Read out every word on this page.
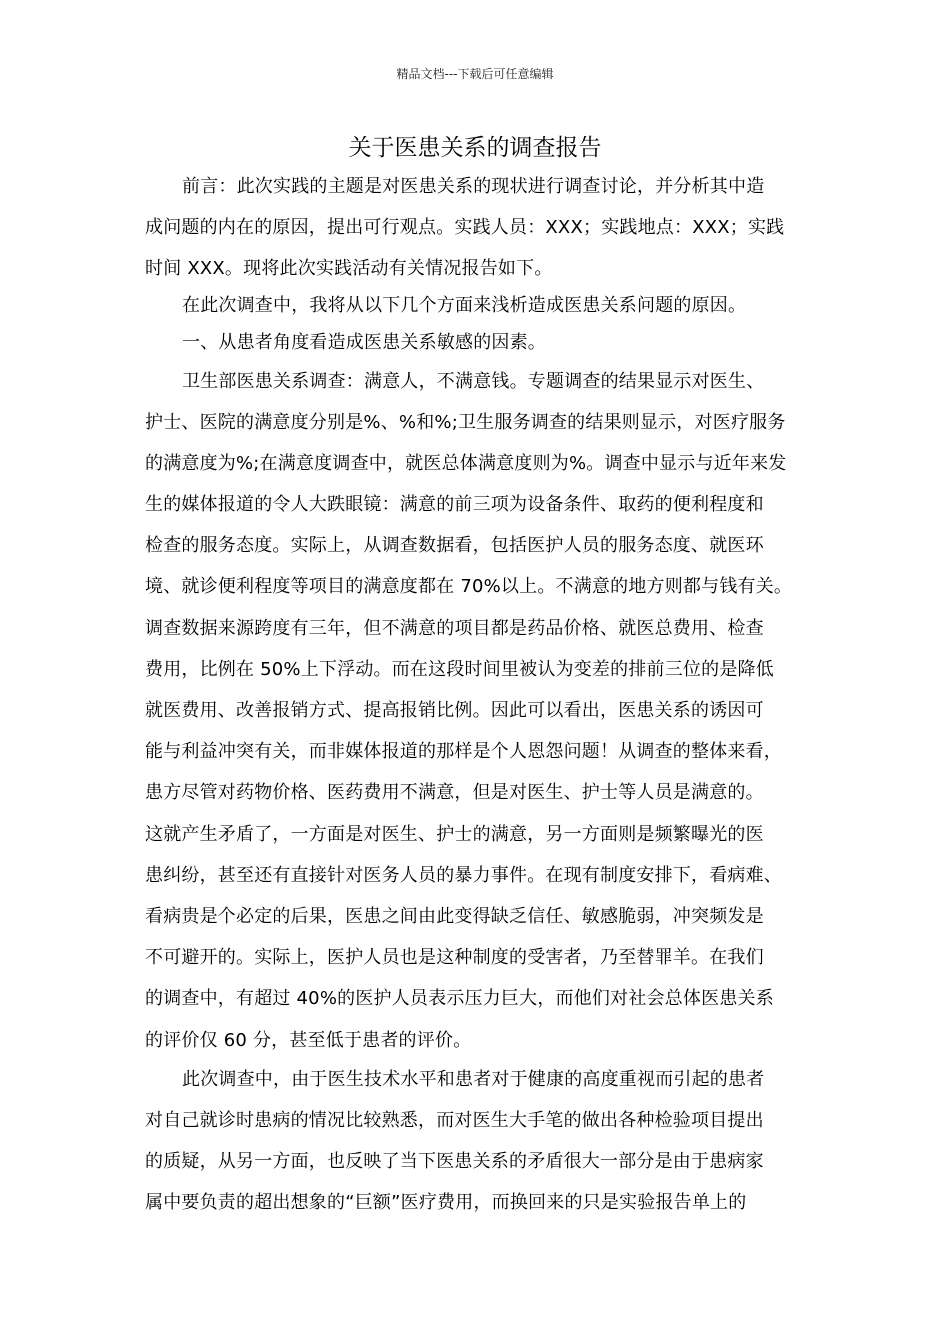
精品文档---下载后可任意编辑
关于医患关系的调查报告
前言：此次实践的主题是对医患关系的现状进行调查讨论，并分析其中造
成问题的内在的原因，提出可行观点。实践人员：XXX；实践地点：XXX；实践
时间 XXX。现将此次实践活动有关情况报告如下。
在此次调查中，我将从以下几个方面来浅析造成医患关系问题的原因。
一、从患者角度看造成医患关系敏感的因素。
卫生部医患关系调查：满意人，不满意钱。专题调查的结果显示对医生、
护士、医院的满意度分别是%、%和%;卫生服务调查的结果则显示，对医疗服务
的满意度为%;在满意度调查中，就医总体满意度则为%。调查中显示与近年来发
生的媒体报道的令人大跌眼镜：满意的前三项为设备条件、取药的便利程度和
检查的服务态度。实际上，从调查数据看，包括医护人员的服务态度、就医环
境、就诊便利程度等项目的满意度都在 70%以上。不满意的地方则都与钱有关。
调查数据来源跨度有三年，但不满意的项目都是药品价格、就医总费用、检查
费用，比例在 50%上下浮动。而在这段时间里被认为变差的排前三位的是降低
就医费用、改善报销方式、提高报销比例。因此可以看出，医患关系的诱因可
能与利益冲突有关，而非媒体报道的那样是个人恩怨问题！从调查的整体来看，
患方尽管对药物价格、医药费用不满意，但是对医生、护士等人员是满意的。
这就产生矛盾了，一方面是对医生、护士的满意，另一方面则是频繁曝光的医
患纠纷，甚至还有直接针对医务人员的暴力事件。在现有制度安排下，看病难、
看病贵是个必定的后果，医患之间由此变得缺乏信任、敏感脆弱，冲突频发是
不可避开的。实际上，医护人员也是这种制度的受害者，乃至替罪羊。在我们
的调查中，有超过 40%的医护人员表示压力巨大，而他们对社会总体医患关系
的评价仅 60 分，甚至低于患者的评价。
此次调查中，由于医生技术水平和患者对于健康的高度重视而引起的患者
对自己就诊时患病的情况比较熟悉，而对医生大手笔的做出各种检验项目提出
的质疑，从另一方面，也反映了当下医患关系的矛盾很大一部分是由于患病家
属中要负责的超出想象的“巨额”医疗费用，而换回来的只是实验报告单上的
